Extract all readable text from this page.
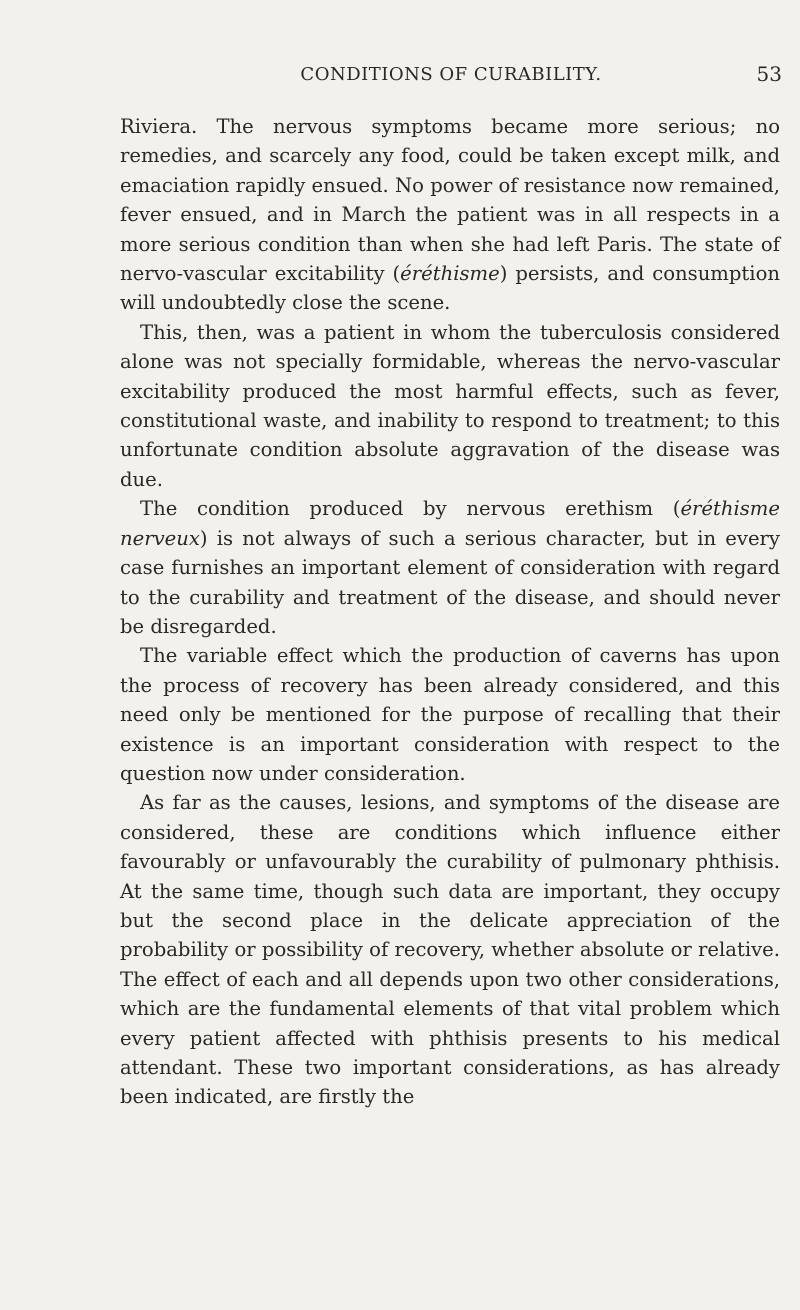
CONDITIONS OF CURABILITY.	53

Riviera. The nervous symptoms became more serious; no remedies, and scarcely any food, could be taken except milk, and emaciation rapidly ensued. No power of resistance now remained, fever ensued, and in March the patient was in all respects in a more serious condition than when she had left Paris. The state of nervo-vascular excitability (éréthisme) persists, and consumption will undoubtedly close the scene.

This, then, was a patient in whom the tuberculosis considered alone was not specially formidable, whereas the nervo-vascular excitability produced the most harmful effects, such as fever, constitutional waste, and inability to respond to treatment; to this unfortunate condition absolute aggravation of the disease was due.

The condition produced by nervous erethism (éréthisme nerveux) is not always of such a serious character, but in every case furnishes an important element of consideration with regard to the curability and treatment of the disease, and should never be disregarded.

The variable effect which the production of caverns has upon the process of recovery has been already considered, and this need only be mentioned for the purpose of recalling that their existence is an important consideration with respect to the question now under consideration.

As far as the causes, lesions, and symptoms of the disease are considered, these are conditions which influence either favourably or unfavourably the curability of pulmonary phthisis. At the same time, though such data are important, they occupy but the second place in the delicate appreciation of the probability or possibility of recovery, whether absolute or relative. The effect of each and all depends upon two other considerations, which are the fundamental elements of that vital problem which every patient affected with phthisis presents to his medical attendant. These two important considerations, as has already been indicated, are firstly the
